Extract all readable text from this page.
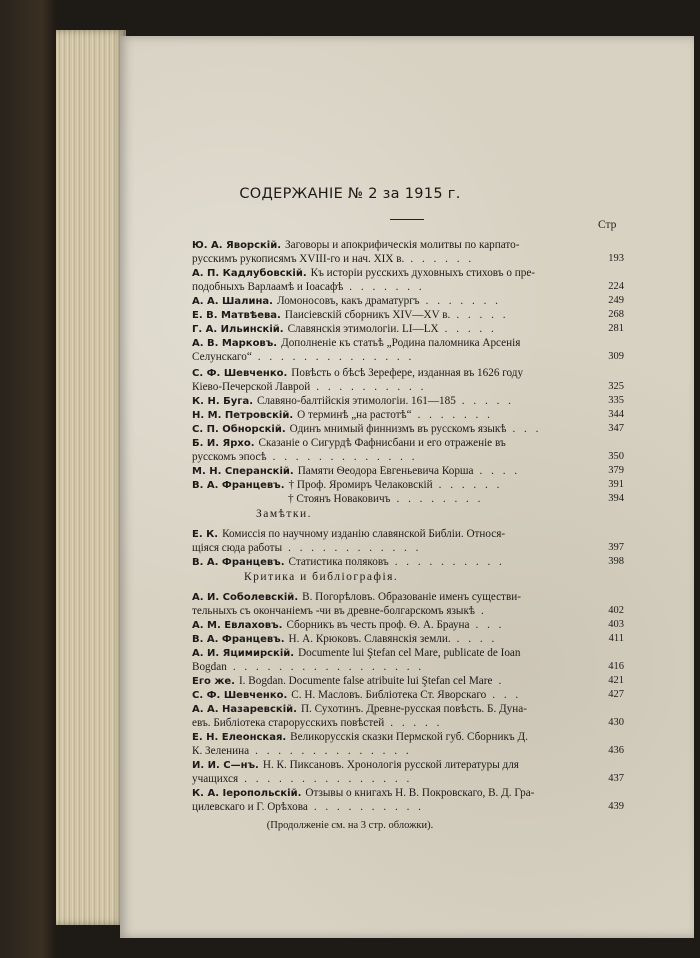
СОДЕРЖАНІЕ № 2 за 1915 г.
Стр
Ю. А. Яворскій. Заговоры и апокрифическія молитвы по карпато-
русскимъ рукописямъ XVIII-го и нач. XIX в. . . . . . .	193
А. П. Кадлубовскій. Къ исторіи русскихъ духовныхъ стиховъ о пре-
подобныхъ Варлаамѣ и Іоасафѣ . . . . . . .	224
А. А. Шалина. Ломоносовъ, какъ драматургъ . . . . . . .	249
Е. В. Матвѣева. Паисіевскій сборникъ XIV—XV в. . . . . .	268
Г. А. Ильинскій. Славянскія этимологіи. LI—LX . . . . .	281
А. В. Марковъ. Дополненіе къ статьѣ „Родина паломника Арсенія
Селунскаго“ . . . . . . . . . . . . . .	309
С. Ф. Шевченко. Повѣсть о бѣсѣ Зерефере, изданная въ 1626 году
Кіево-Печерской Лаврой . . . . . . . . . .	325
К. Н. Буга. Славяно-балтійскія этимологіи. 161—185 . . . . .	335
Н. М. Петровскій. О терминѣ „на растотѣ“ . . . . . . .	344
С. П. Обнорскій. Одинъ мнимый финнизмъ въ русскомъ языкѣ . . .	347
Б. И. Ярхо. Сказаніе о Сигурдѣ Фафнисбани и его отраженіе въ
русскомъ эпосѣ . . . . . . . . . . . . .	350
М. Н. Сперанскій. Памяти Ѳеодора Евгеньевича Корша . . . .	379
В. А. Францевъ. † Проф. Яромиръ Челаковскій . . . . . .	391
† Стоянъ Новаковичъ . . . . . . . .	394
Е. К. Комиссія по научному изданію славянской Библіи. Относя-
щіяся сюда работы . . . . . . . . . . . .	397
В. А. Францевъ. Статистика поляковъ . . . . . . . . . .	398
А. И. Соболевскій. В. Погорѣловъ. Образованіе именъ существи-
тельныхъ съ окончаніемъ -чи въ древне-болгарскомъ языкѣ .	402
А. М. Евлаховъ. Сборникъ въ честь проф. Ѳ. А. Брауна . . .	403
В. А. Францевъ. Н. А. Крюковъ. Славянскія земли. . . . .	411
А. И. Яцимирскій. Documente lui Ştefan cel Mare, publicate de Ioan
Bogdan . . . . . . . . . . . . . . . . .	416
Его же. I. Bogdan. Documente false atribuite lui Ştefan cel Mare .	421
С. Ф. Шевченко. С. Н. Масловъ. Библіотека Ст. Яворскаго . . .	427
А. А. Назаревскій. П. Сухотинъ. Древне-русская повѣсть. Б. Дуна-
евъ. Библіотека старорусскихъ повѣстей . . . . .	430
Е. Н. Елеонская. Великорусскія сказки Пермской губ. Сборникъ Д.
К. Зеленина . . . . . . . . . . . . . .	436
И. И. С—нъ. Н. К. Пиксановъ. Хронологія русской литературы для
учащихся . . . . . . . . . . . . . . .	437
К. А. Іеропольскій. Отзывы о книгахъ Н. В. Покровскаго, В. Д. Гра-
цилевскаго и Г. Орѣхова . . . . . . . . . .	439
Замѣтки.
Критика и библіографія.
(Продолженіе см. на 3 стр. обложки).
